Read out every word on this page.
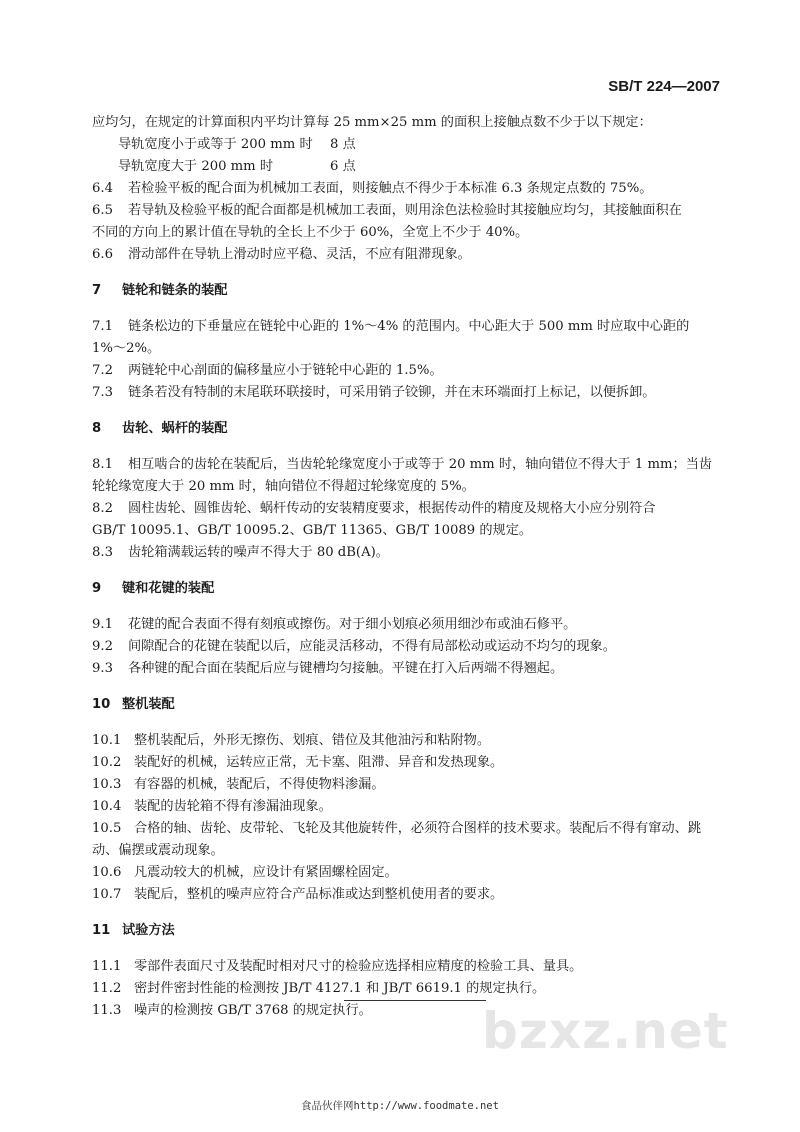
SB/T 224—2007
应均匀，在规定的计算面积内平均计算每 25 mm×25 mm 的面积上接触点数不少于以下规定：
导轨宽度小于或等于 200 mm 时　 8 点
导轨宽度大于 200 mm 时　　　　 6 点
6.4 若检验平板的配合面为机械加工表面，则接触点不得少于本标准 6.3 条规定点数的 75%。
6.5 若导轨及检验平板的配合面都是机械加工表面，则用涂色法检验时其接触应均匀，其接触面积在
不同的方向上的累计值在导轨的全长上不少于 60%，全宽上不少于 40%。
6.6 滑动部件在导轨上滑动时应平稳、灵活，不应有阻滞现象。
7 链轮和链条的装配
7.1 链条松边的下垂量应在链轮中心距的 1%～4% 的范围内。中心距大于 500 mm 时应取中心距的
1%～2%。
7.2 两链轮中心剖面的偏移量应小于链轮中心距的 1.5%。
7.3 链条若没有特制的末尾联环联接时，可采用销子铰铆，并在末环端面打上标记，以便拆卸。
8 齿轮、蜗杆的装配
8.1 相互啮合的齿轮在装配后，当齿轮轮缘宽度小于或等于 20 mm 时，轴向错位不得大于 1 mm；当齿
轮轮缘宽度大于 20 mm 时，轴向错位不得超过轮缘宽度的 5%。
8.2 圆柱齿轮、圆锥齿轮、蜗杆传动的安装精度要求，根据传动件的精度及规格大小应分别符合
GB/T 10095.1、GB/T 10095.2、GB/T 11365、GB/T 10089 的规定。
8.3 齿轮箱满载运转的噪声不得大于 80 dB(A)。
9 键和花键的装配
9.1 花键的配合表面不得有刻痕或擦伤。对于细小划痕必须用细沙布或油石修平。
9.2 间隙配合的花键在装配以后，应能灵活移动，不得有局部松动或运动不均匀的现象。
9.3 各种键的配合面在装配后应与键槽均匀接触。平键在打入后两端不得翘起。
10 整机装配
10.1 整机装配后，外形无擦伤、划痕、错位及其他油污和粘附物。
10.2 装配好的机械，运转应正常，无卡塞、阻滞、异音和发热现象。
10.3 有容器的机械，装配后，不得使物料渗漏。
10.4 装配的齿轮箱不得有渗漏油现象。
10.5 合格的轴、齿轮、皮带轮、飞轮及其他旋转件，必须符合图样的技术要求。装配后不得有窜动、跳
动、偏摆或震动现象。
10.6 凡震动较大的机械，应设计有紧固螺栓固定。
10.7 装配后，整机的噪声应符合产品标准或达到整机使用者的要求。
11 试验方法
11.1 零部件表面尺寸及装配时相对尺寸的检验应选择相应精度的检验工具、量具。
11.2 密封件密封性能的检测按 JB/T 4127.1 和 JB/T 6619.1 的规定执行。
11.3 噪声的检测按 GB/T 3768 的规定执行。	bzxz.net
食品伙伴网http://www.foodmate.net
